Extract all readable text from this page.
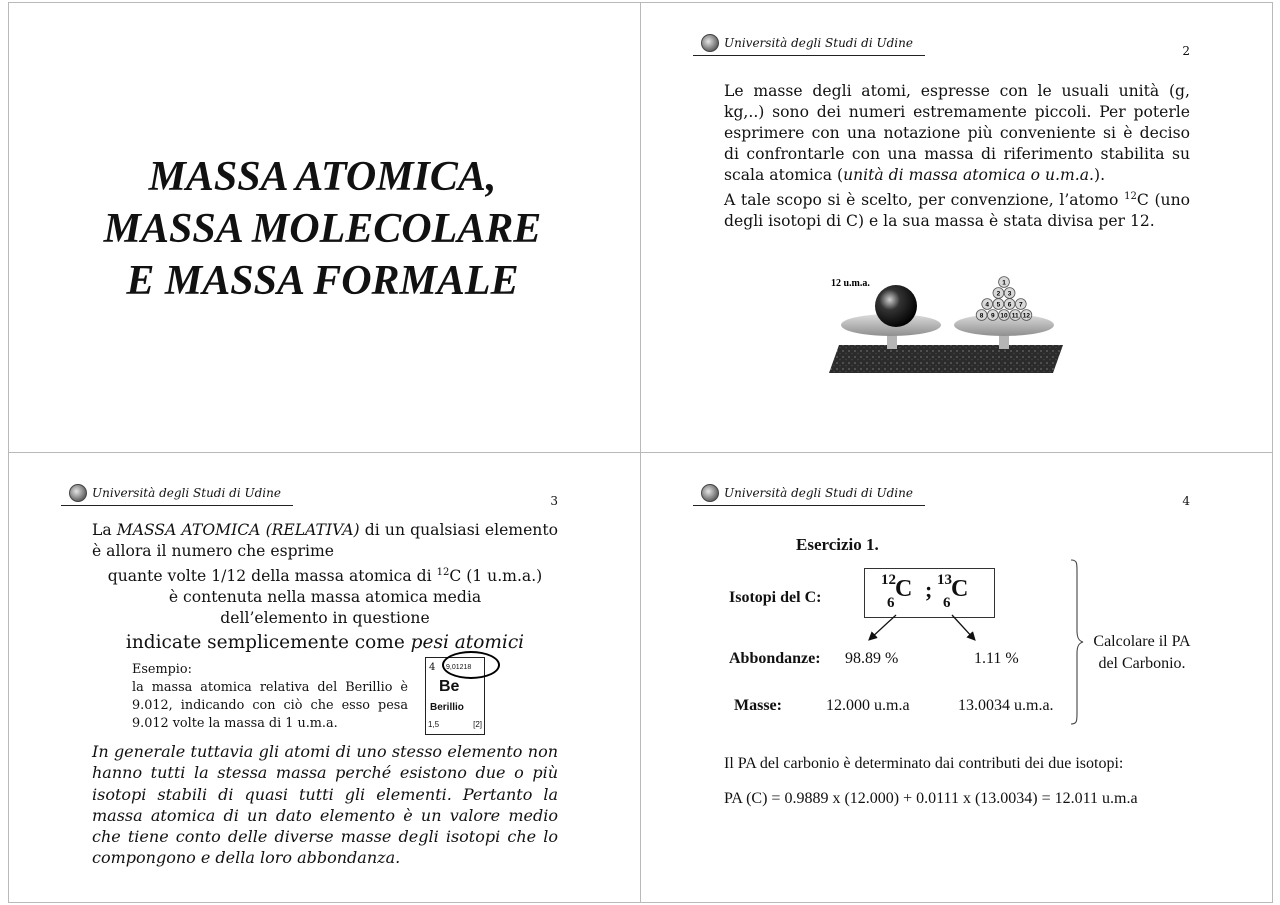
MASSA ATOMICA,
MASSA MOLECOLARE
E MASSA FORMALE
Università degli Studi di Udine
2

Le masse degli atomi, espresse con le usuali unità (g, kg,..) sono dei numeri estremamente piccoli. Per poterle esprimere con una notazione più conveniente si è deciso di confrontarle con una massa di riferimento stabilita su scala atomica (unità di massa atomica o u.m.a.).

A tale scopo si è scelto, per convenzione, l’atomo $^{12}$C (uno degli isotopi di C) e la sua massa è stata divisa per 12.

12 u.m.a.	1
2 3
4 5 6 7
8 9 10 11 12
Università degli Studi di Udine
3
La MASSA ATOMICA (RELATIVA) di un qualsiasi elemento è allora il numero che esprime
quante volte 1/12 della massa atomica di $^{12}$C (1 u.m.a.)
è contenuta nella massa atomica media
dell’elemento in questione
indicate semplicemente come pesi atomici
Esempio:
la massa atomica relativa del Berillio è 9.012, indicando con ciò che esso pesa 9.012 volte la massa di 1 u.m.a.
4 9,01218
Be
Berillio
1,5	[2]
In generale tuttavia gli atomi di uno stesso elemento non hanno tutti la stessa massa perché esistono due o più isotopi stabili di quasi tutti gli elementi. Pertanto la massa atomica di un dato elemento è un valore medio che tiene conto delle diverse masse degli isotopi che lo compongono e della loro abbondanza.
Università degli Studi di Udine
4
Esercizio 1.
Isotopi del C:
12
6
C ; 13
6
C
Abbondanze: 98.89 %	1.11 %
Masse:	12.000 u.m.a	13.0034 u.m.a.
Calcolare il PA
del Carbonio.
Il PA del carbonio è determinato dai contributi dei due isotopi:
PA (C) = 0.9889 x (12.000) + 0.0111 x (13.0034) = 12.011 u.m.a
